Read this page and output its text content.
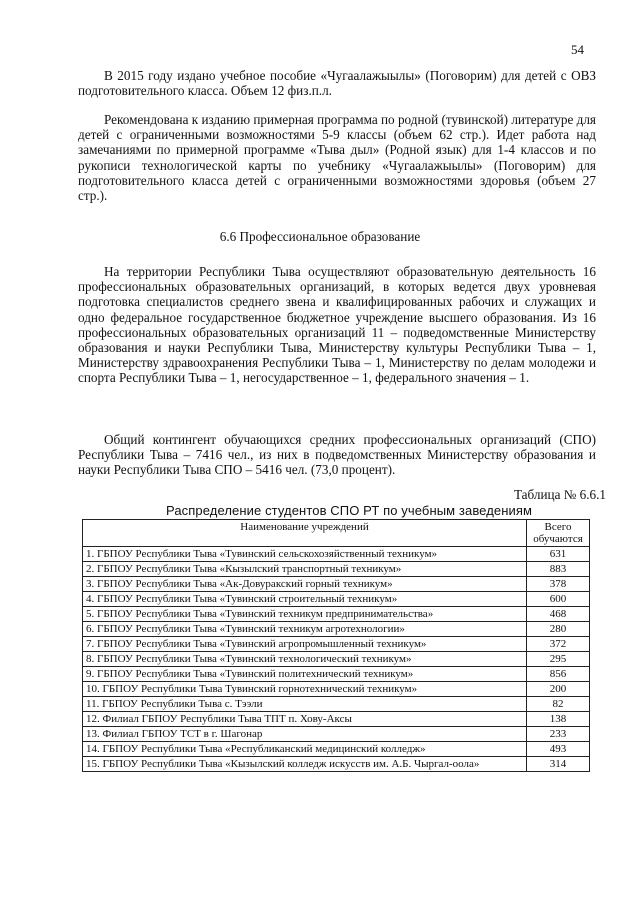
54

В 2015 году издано учебное пособие «Чугаалажыылы» (Поговорим) для детей с ОВЗ подготовительного класса. Объем 12 физ.п.л.

Рекомендована к изданию примерная программа по родной (тувинской) литературе для детей с ограниченными возможностями 5-9 классы (объем 62 стр.). Идет работа над замечаниями по примерной программе «Тыва дыл» (Родной язык) для 1-4 классов и по рукописи технологической карты по учебнику «Чугаалажыылы» (Поговорим) для подготовительного класса детей с ограниченными возможностями здоровья (объем 27 стр.).

6.6 Профессиональное образование

На территории Республики Тыва осуществляют образовательную деятельность 16 профессиональных образовательных организаций, в которых ведется двух уровневая подготовка специалистов среднего звена и квалифицированных рабочих и служащих и одно федеральное государственное бюджетное учреждение высшего образования. Из 16 профессиональных образовательных организаций 11 – подведомственные Министерству образования и науки Республики Тыва, Министерству культуры Республики Тыва – 1, Министерству здравоохранения Республики Тыва – 1, Министерству по делам молодежи и спорта Республики Тыва – 1, негосударственное – 1, федерального значения – 1.

Общий контингент обучающихся средних профессиональных организаций (СПО) Республики Тыва – 7416 чел., из них в подведомственных Министерству образования и науки Республики Тыва СПО – 5416 чел. (73,0 процент).

Таблица № 6.6.1
Распределение студентов СПО РТ по учебным заведениям
Наименование учреждений	Всего обучаются
1. ГБПОУ Республики Тыва «Тувинский сельскохозяйственный техникум»	631
2. ГБПОУ Республики Тыва «Кызылский транспортный техникум»	883
3. ГБПОУ Республики Тыва «Ак-Довуракский горный техникум»	378
4. ГБПОУ Республики Тыва «Тувинский строительный техникум»	600
5. ГБПОУ Республики Тыва «Тувинский техникум предпринимательства»	468
6. ГБПОУ Республики Тыва «Тувинский техникум агротехнологии»	280
7. ГБПОУ Республики Тыва «Тувинский агропромышленный техникум»	372
8. ГБПОУ Республики Тыва «Тувинский технологический техникум»	295
9. ГБПОУ Республики Тыва «Тувинский политехнический техникум»	856
10. ГБПОУ Республики Тыва Тувинский горнотехнический техникум»	200
11. ГБПОУ Республики Тыва с. Тээли	82
12. Филиал ГБПОУ Республики Тыва ТПТ п. Хову-Аксы	138
13. Филиал ГБПОУ ТСТ в г. Шагонар	233
14. ГБПОУ Республики Тыва «Республиканский медицинский колледж»	493
15. ГБПОУ Республики Тыва «Кызылский колледж искусств им. А.Б. Чыргал-оола»	314
